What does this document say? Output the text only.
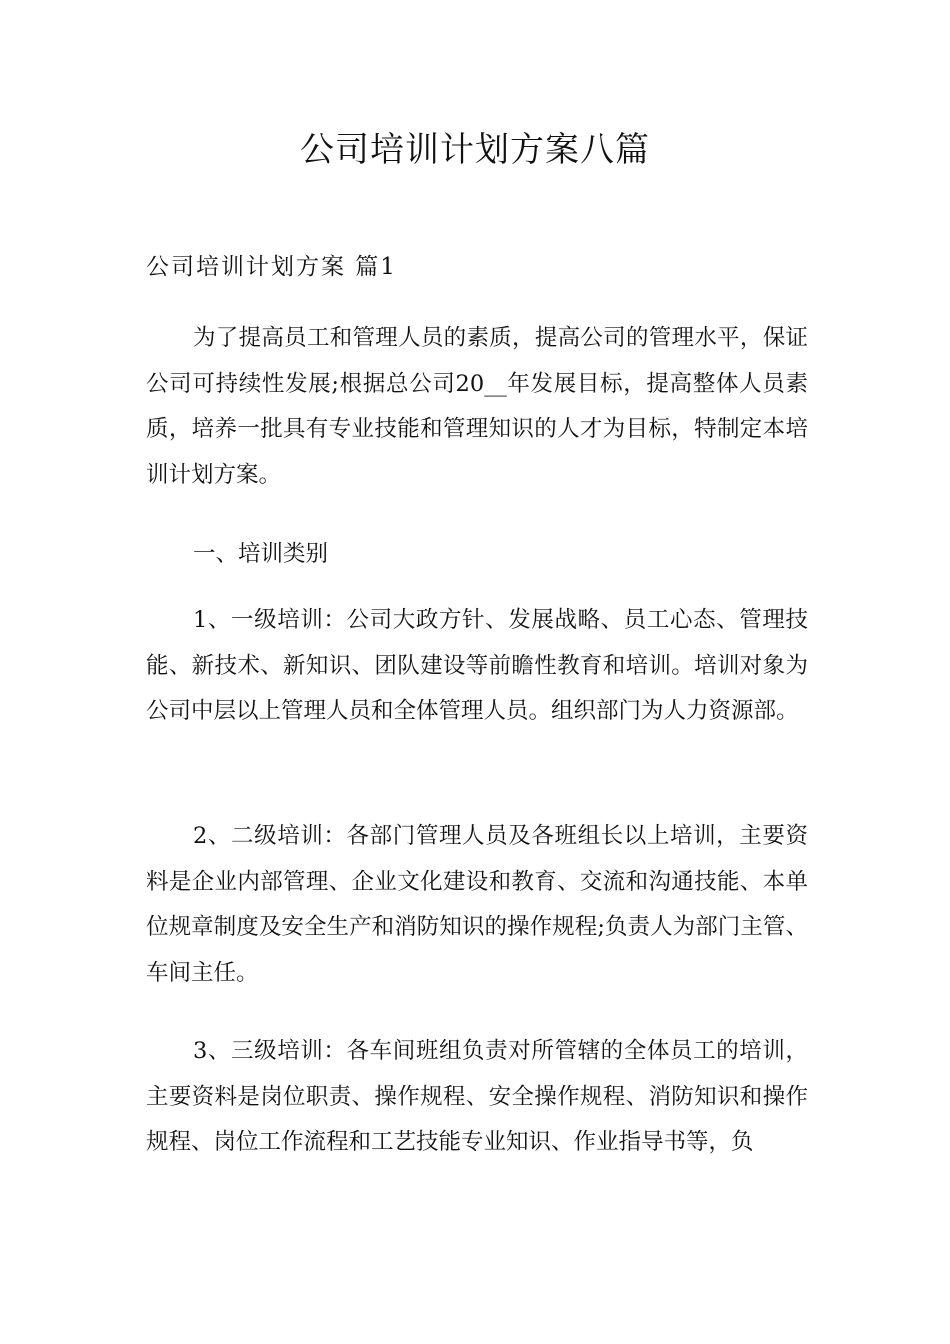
公司培训计划方案八篇
公司培训计划方案 篇1

为了提高员工和管理人员的素质，提高公司的管理水平，保证公司可持续性发展;根据总公司20__年发展目标，提高整体人员素质，培养一批具有专业技能和管理知识的人才为目标，特制定本培训计划方案。

一、培训类别

1、一级培训：公司大政方针、发展战略、员工心态、管理技能、新技术、新知识、团队建设等前瞻性教育和培训。培训对象为公司中层以上管理人员和全体管理人员。组织部门为人力资源部。

2、二级培训：各部门管理人员及各班组长以上培训，主要资料是企业内部管理、企业文化建设和教育、交流和沟通技能、本单位规章制度及安全生产和消防知识的操作规程;负责人为部门主管、车间主任。

3、三级培训：各车间班组负责对所管辖的全体员工的培训，主要资料是岗位职责、操作规程、安全操作规程、消防知识和操作规程、岗位工作流程和工艺技能专业知识、作业指导书等，负
